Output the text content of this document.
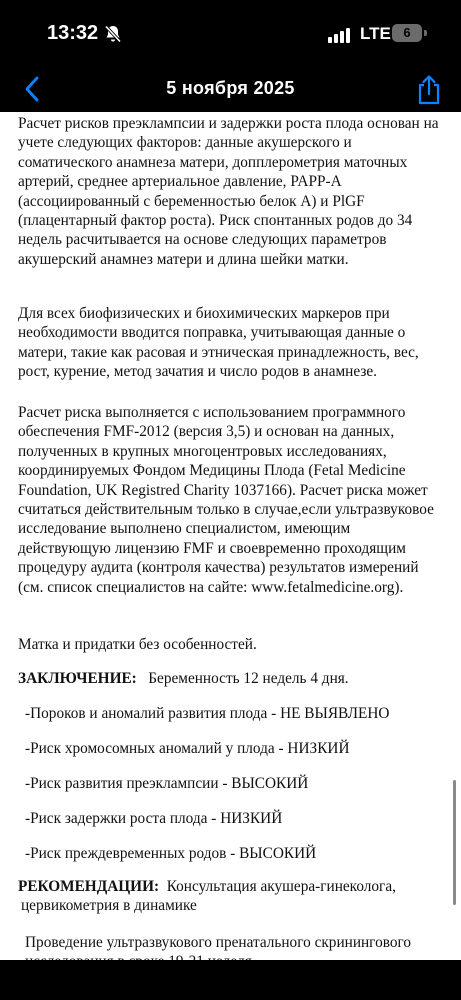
13:32	LTE 6
5 ноября 2025

Расчет рисков преэклампсии и задержки роста плода основан на учете следующих факторов: данные акушерского и соматического анамнеза матери, допплерометрия маточных артерий, среднее артериальное давление, PAPP-A (ассоциированный с беременностью белок А) и PlGF (плацентарный фактор роста). Риск спонтанных родов до 34 недель расчитывается на основе следующих параметров акушерский анамнез матери и длина шейки матки.

Для всех биофизических и биохимических маркеров при необходимости вводится поправка, учитывающая данные о матери, такие как расовая и этническая принадлежность, вес, рост, курение, метод зачатия и число родов в анамнезе.

Расчет риска выполняется с использованием программного обеспечения FMF-2012 (версия 3,5) и основан на данных, полученных в крупных многоцентровых исследованиях, координируемых Фондом Медицины Плода (Fetal Medicine Foundation, UK Registred Charity 1037166). Расчет риска может считаться действительным только в случае,если ультразвуковое исследование выполнено специалистом, имеющим действующую лицензию FMF и своевременно проходящим процедуру аудита (контроля качества) результатов измерений (см. список специалистов на сайте: www.fetalmedicine.org).

Матка и придатки без особенностей.

ЗАКЛЮЧЕНИЕ: Беременность 12 недель 4 дня.

-Пороков и аномалий развития плода - НЕ ВЫЯВЛЕНО
-Риск хромосомных аномалий у плода - НИЗКИЙ
-Риск развития преэклампсии - ВЫСОКИЙ
-Риск задержки роста плода - НИЗКИЙ
-Риск преждевременных родов - ВЫСОКИЙ

РЕКОМЕНДАЦИИ: Консультация акушера-гинеколога,
цервикометрия в динамике

Проведение ультразвукового пренатального скринингового
